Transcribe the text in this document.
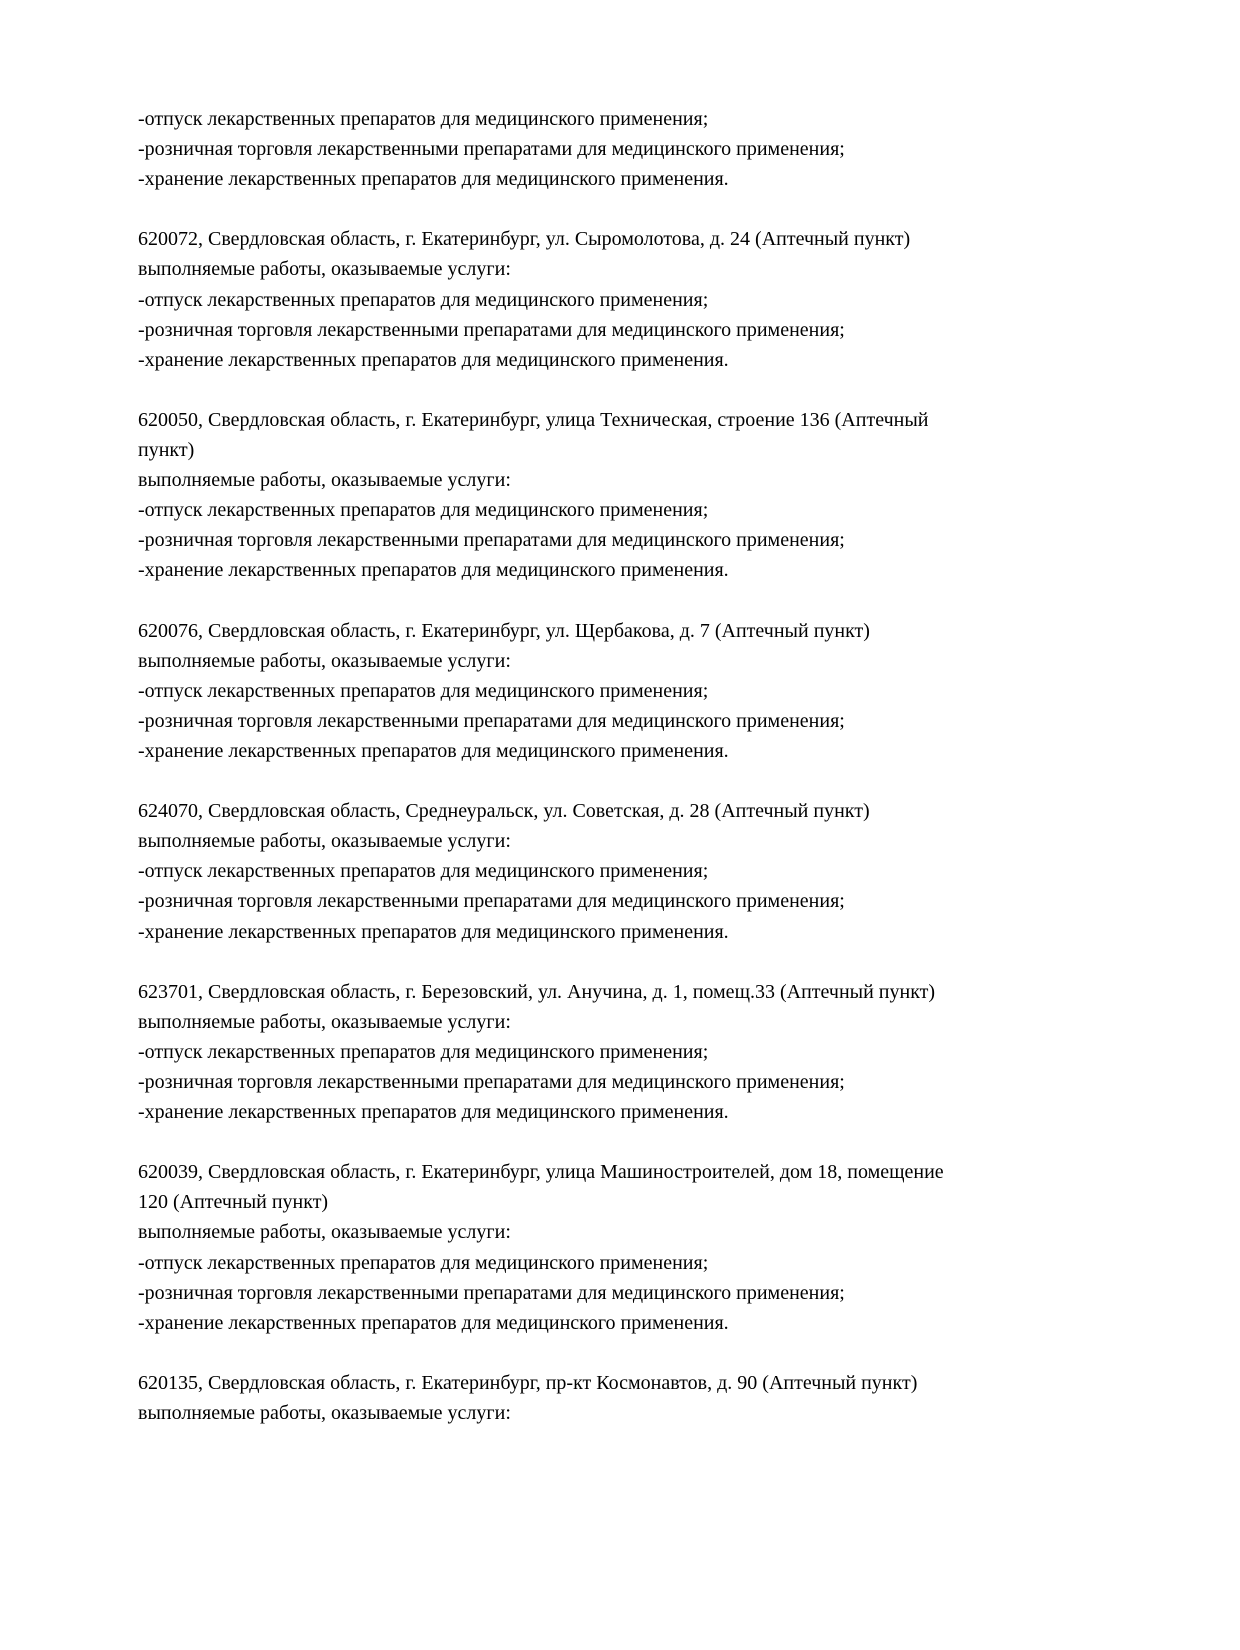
-отпуск лекарственных препаратов для медицинского применения;
-розничная торговля лекарственными препаратами для медицинского применения;
-хранение лекарственных препаратов для медицинского применения.
620072, Свердловская область, г. Екатеринбург, ул. Сыромолотова, д. 24 (Аптечный пункт)
выполняемые работы, оказываемые услуги:
-отпуск лекарственных препаратов для медицинского применения;
-розничная торговля лекарственными препаратами для медицинского применения;
-хранение лекарственных препаратов для медицинского применения.
620050, Свердловская область, г. Екатеринбург, улица Техническая, строение 136 (Аптечный
пункт)
выполняемые работы, оказываемые услуги:
-отпуск лекарственных препаратов для медицинского применения;
-розничная торговля лекарственными препаратами для медицинского применения;
-хранение лекарственных препаратов для медицинского применения.
620076, Свердловская область, г. Екатеринбург, ул. Щербакова, д. 7 (Аптечный пункт)
выполняемые работы, оказываемые услуги:
-отпуск лекарственных препаратов для медицинского применения;
-розничная торговля лекарственными препаратами для медицинского применения;
-хранение лекарственных препаратов для медицинского применения.
624070, Свердловская область, Среднеуральск, ул. Советская, д. 28 (Аптечный пункт)
выполняемые работы, оказываемые услуги:
-отпуск лекарственных препаратов для медицинского применения;
-розничная торговля лекарственными препаратами для медицинского применения;
-хранение лекарственных препаратов для медицинского применения.
623701, Свердловская область, г. Березовский, ул. Анучина, д. 1, помещ.33 (Аптечный пункт)
выполняемые работы, оказываемые услуги:
-отпуск лекарственных препаратов для медицинского применения;
-розничная торговля лекарственными препаратами для медицинского применения;
-хранение лекарственных препаратов для медицинского применения.
620039, Свердловская область, г. Екатеринбург, улица Машиностроителей, дом 18, помещение
120 (Аптечный пункт)
выполняемые работы, оказываемые услуги:
-отпуск лекарственных препаратов для медицинского применения;
-розничная торговля лекарственными препаратами для медицинского применения;
-хранение лекарственных препаратов для медицинского применения.
620135, Свердловская область, г. Екатеринбург, пр-кт Космонавтов, д. 90 (Аптечный пункт)
выполняемые работы, оказываемые услуги:
